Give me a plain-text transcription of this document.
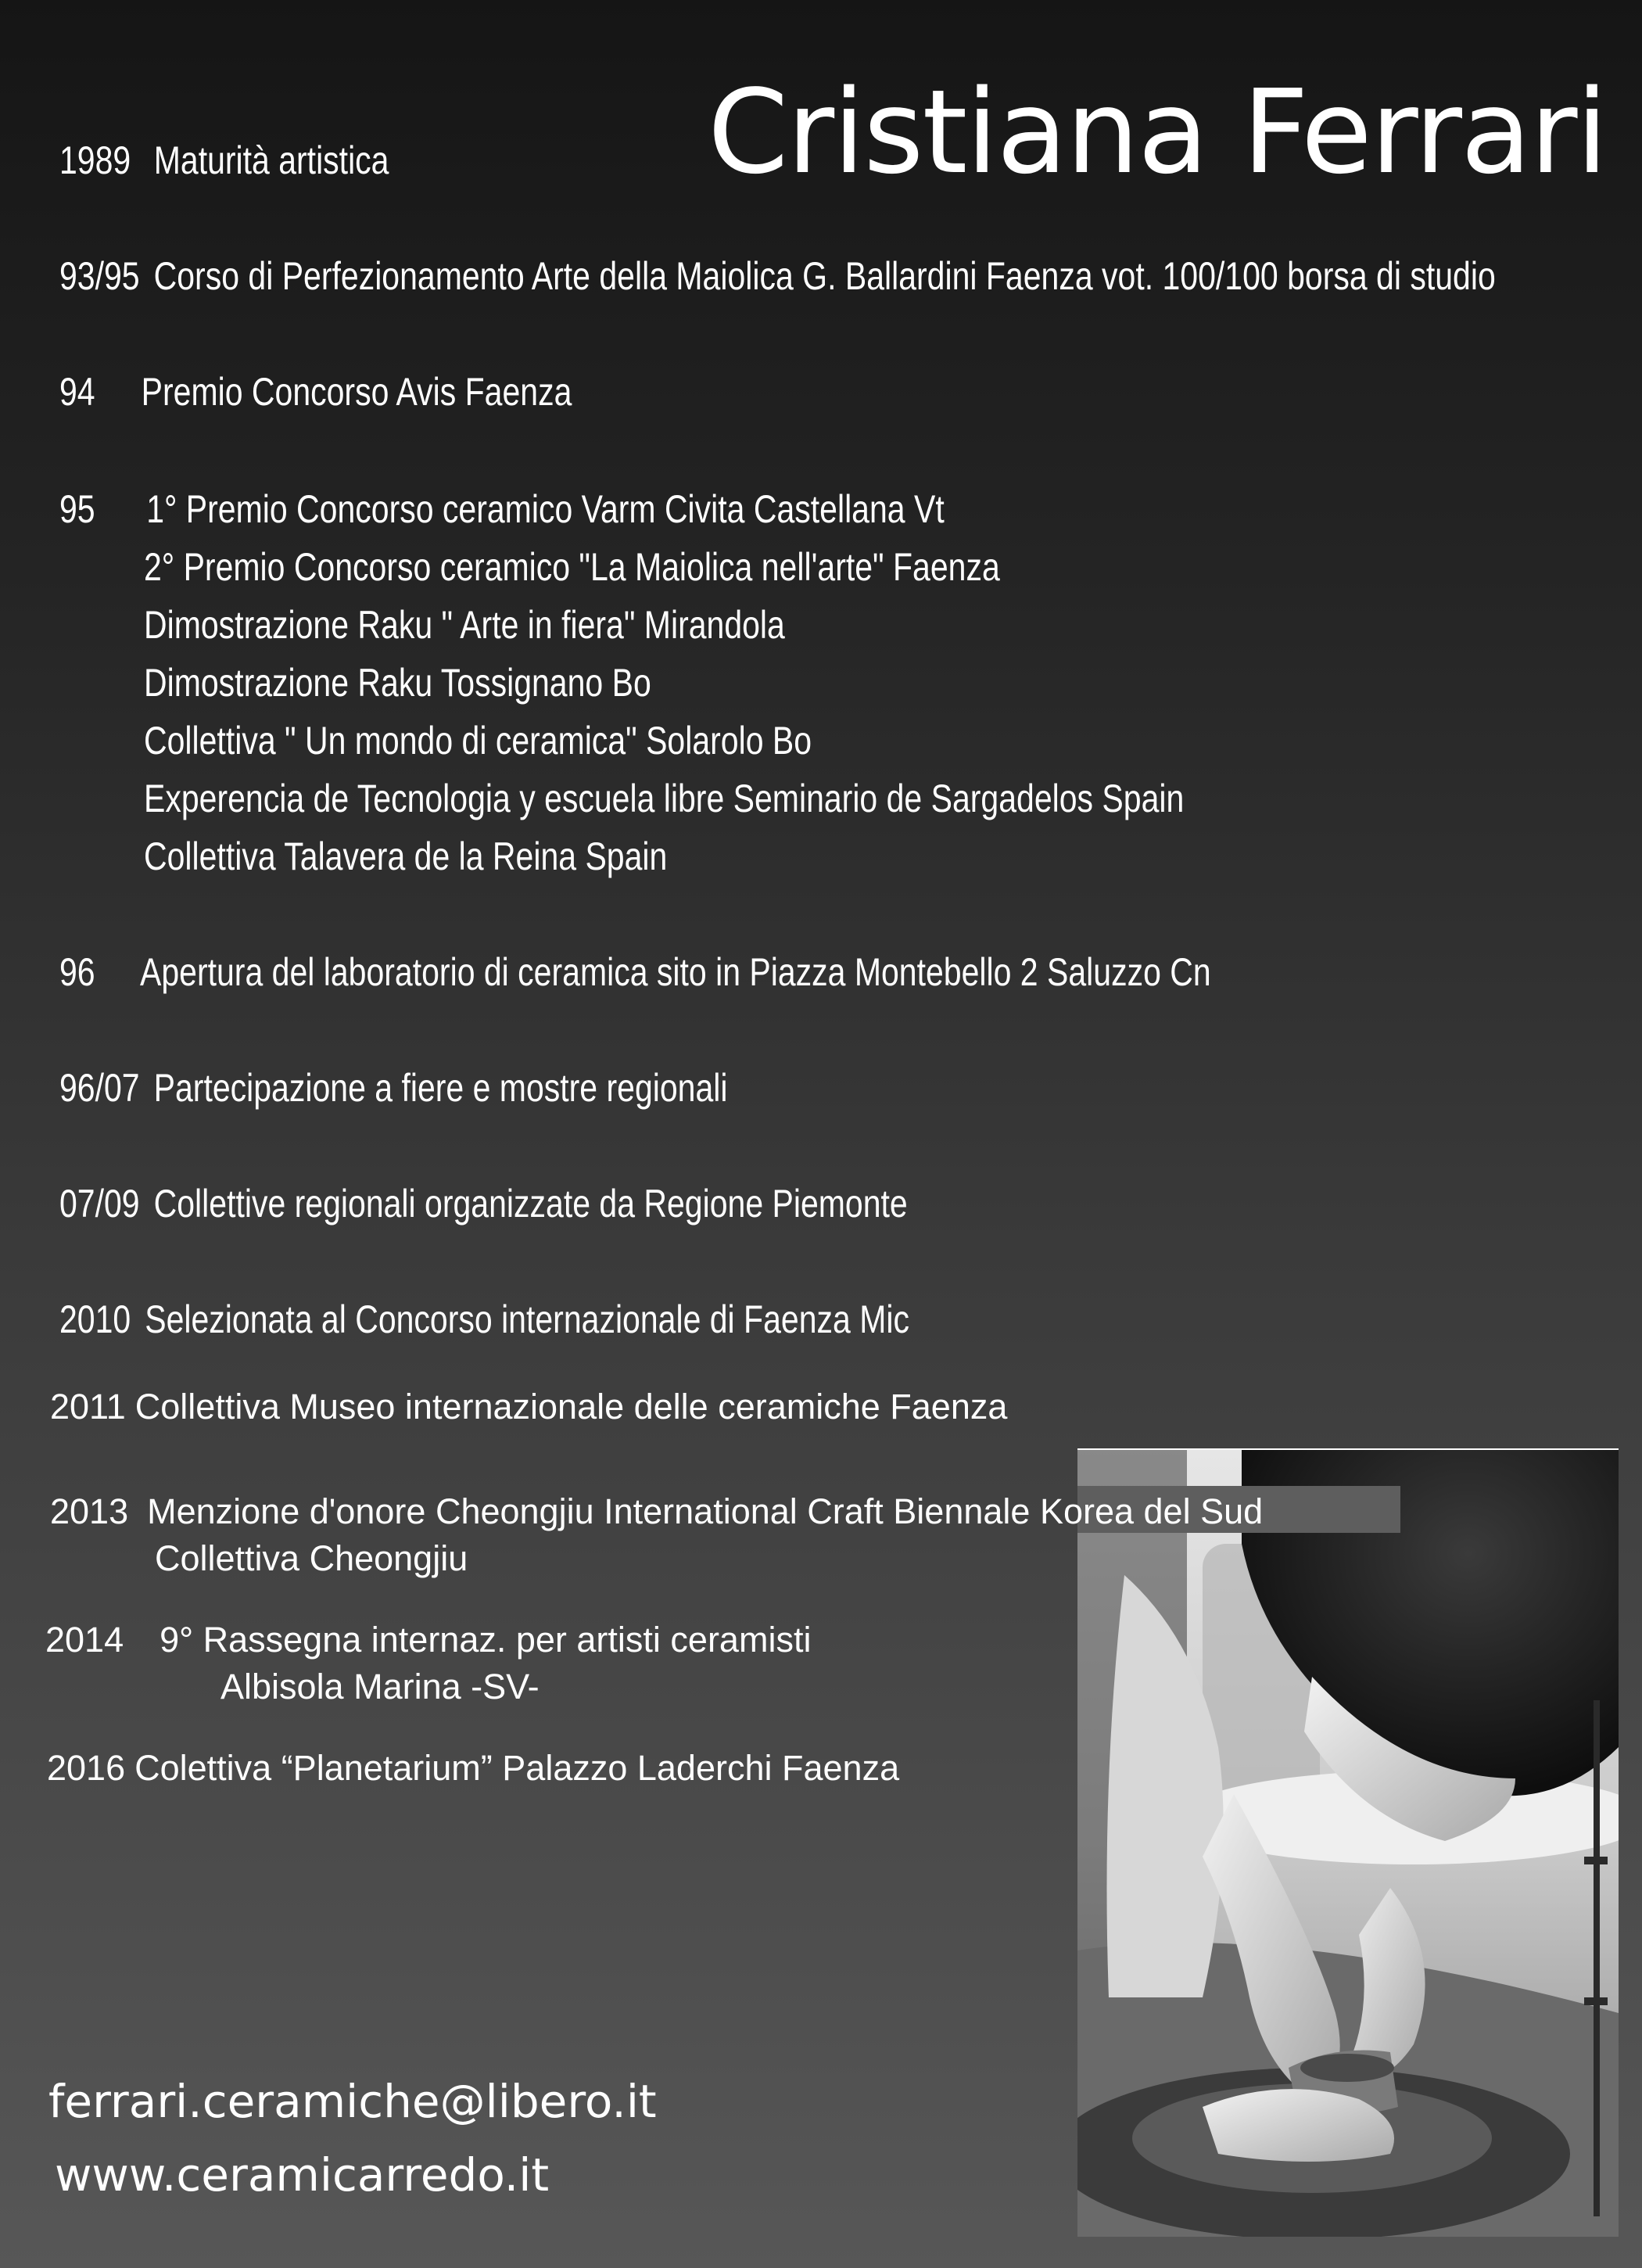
Cristiana Ferrari
1989 Maturità artistica
93/95 Corso di Perfezionamento Arte della Maiolica G. Ballardini Faenza vot. 100/100 borsa di studio
94 Premio Concorso Avis Faenza
95 1° Premio Concorso ceramico Varm Civita Castellana Vt
2° Premio Concorso ceramico "La Maiolica nell'arte" Faenza
Dimostrazione Raku " Arte in fiera" Mirandola
Dimostrazione Raku Tossignano Bo
Collettiva " Un mondo di ceramica" Solarolo Bo
Experencia de Tecnologia y escuela libre Seminario de Sargadelos Spain
Collettiva Talavera de la Reina Spain
96 Apertura del laboratorio di ceramica sito in Piazza Montebello 2 Saluzzo Cn
96/07 Partecipazione a fiere e mostre regionali
07/09 Collettive regionali organizzate da Regione Piemonte
2010 Selezionata al Concorso internazionale di Faenza Mic
2011 Collettiva Museo internazionale delle ceramiche Faenza
2013 Menzione d'onore Cheongjiu International Craft Biennale Korea del Sud
Collettiva Cheongjiu
2014 9° Rassegna internaz. per artisti ceramisti
Albisola Marina -SV-
2016 Colettiva “Planetarium” Palazzo Laderchi Faenza
ferrari.ceramiche@libero.it
www.ceramicarredo.it
